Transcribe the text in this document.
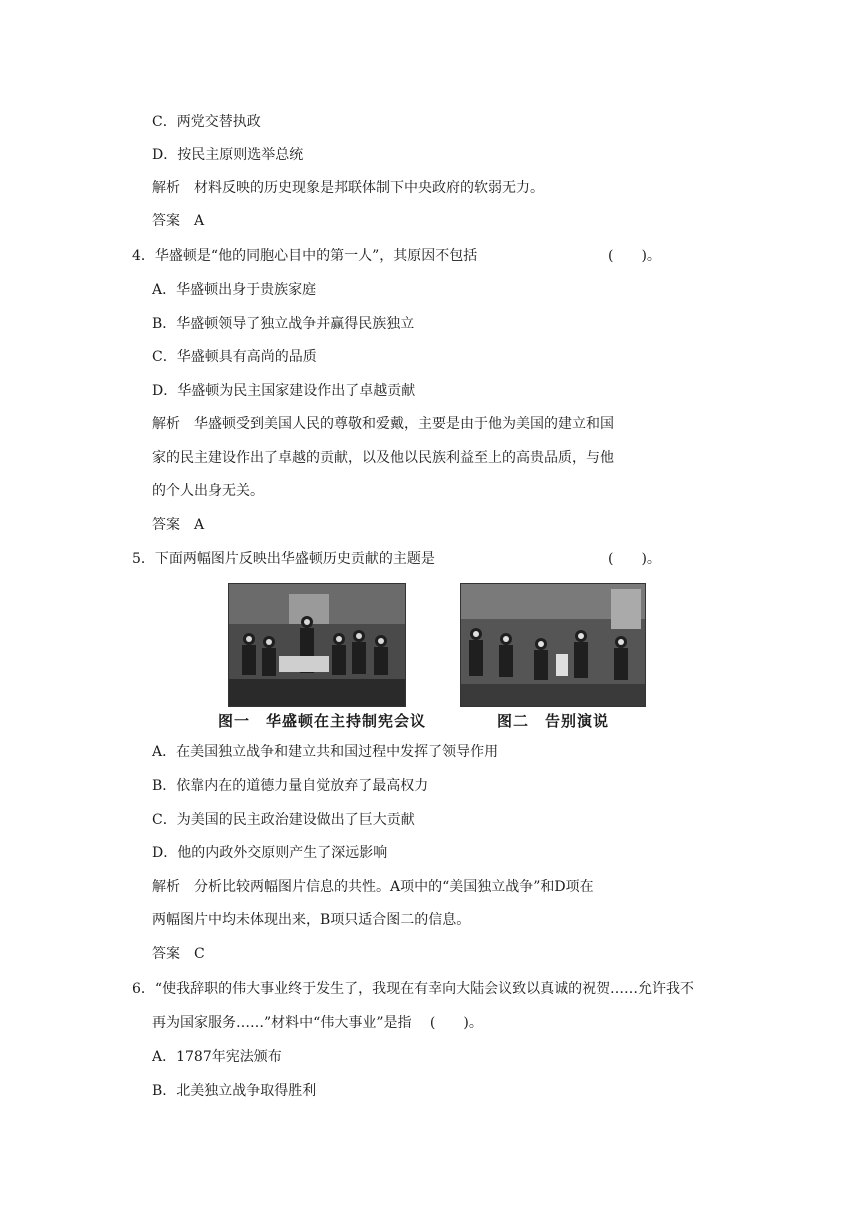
C．两党交替执政
D．按民主原则选举总统
解析　材料反映的历史现象是邦联体制下中央政府的软弱无力。
答案　A
4．华盛顿是“他的同胞心目中的第一人”，其原因不包括	(　　)。
A．华盛顿出身于贵族家庭
B．华盛顿领导了独立战争并赢得民族独立
C．华盛顿具有高尚的品质
D．华盛顿为民主国家建设作出了卓越贡献
解析　华盛顿受到美国人民的尊敬和爱戴，主要是由于他为美国的建立和国
家的民主建设作出了卓越的贡献，以及他以民族利益至上的高贵品质，与他
的个人出身无关。
答案　A
5．下面两幅图片反映出华盛顿历史贡献的主题是	(　　)。
图一　华盛顿在主持制宪会议	图二　告别演说
A．在美国独立战争和建立共和国过程中发挥了领导作用
B．依靠内在的道德力量自觉放弃了最高权力
C．为美国的民主政治建设做出了巨大贡献
D．他的内政外交原则产生了深远影响
解析　分析比较两幅图片信息的共性。A项中的“美国独立战争”和D项在
两幅图片中均未体现出来，B项只适合图二的信息。
答案　C
6．“使我辞职的伟大事业终于发生了，我现在有幸向大陆会议致以真诚的祝贺……允许我不
再为国家服务……”材料中“伟大事业”是指　 (　　)。
A．1787年宪法颁布
B．北美独立战争取得胜利
